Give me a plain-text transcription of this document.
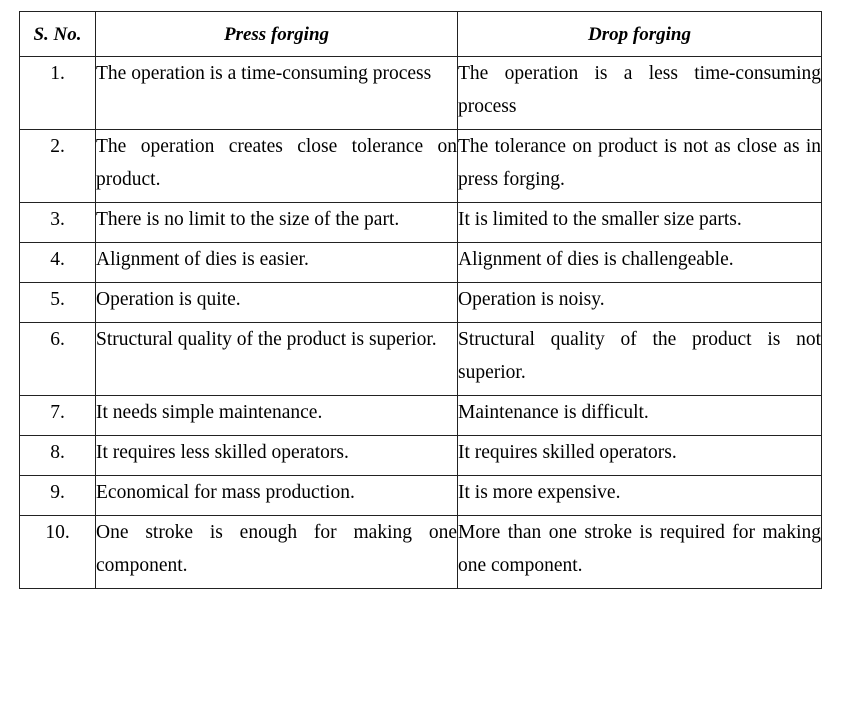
S. No.	Press forging	Drop forging
1.	The operation is a time-consuming process	The operation is a less time-consuming process
2.	The operation creates close tolerance on product.	The tolerance on product is not as close as in press forging.
3.	There is no limit to the size of the part.	It is limited to the smaller size parts.
4.	Alignment of dies is easier.	Alignment of dies is challengeable.
5.	Operation is quite.	Operation is noisy.
6.	Structural quality of the product is superior.	Structural quality of the product is not superior.
7.	It needs simple maintenance.	Maintenance is difficult.
8.	It requires less skilled operators.	It requires skilled operators.
9.	Economical for mass production.	It is more expensive.
10.	One stroke is enough for making one component.	More than one stroke is required for making one component.
